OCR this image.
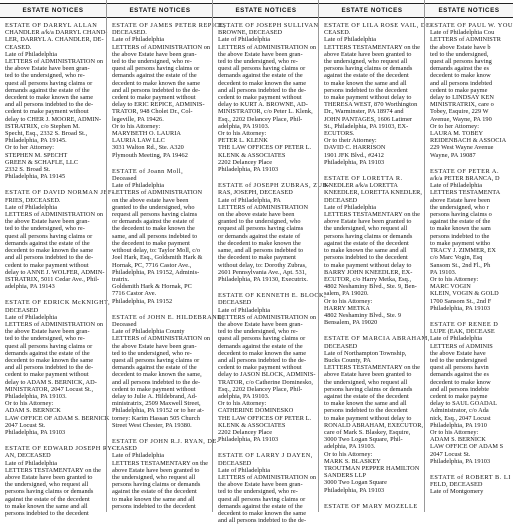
ESTATE NOTICES
ESTATE OF DARRYL ALLAN
CHANDLER a/k/a DARRYL CHAND-
LER, DARRYL A. CHANDLER, DE-
CEASED.
Late of Philadelphia
LETTERS of ADMINISTRATION on
the above Estate have been gran-
ted to the undersigned, who re-
quest all persons having claims or
demands against the estate of the
decedent to make known the same
and all persons indebted to the de-
cedent to make payment without
delay to CHER J. MOORE, ADMIN-
ISTRATRIX, c/o Stephen M.
Specht, Esq., 2332 S. Broad St.,
Philadelphia, PA 19145.
Or to her Attorney:
STEPHEN M. SPECHT
GREEN & SCHAFLE, LLC
2332 S. Broad St.
Philadelphia, PA 19145
ESTATE OF DAVID NORMAN JEF-
FRIES, DECEASED.
Late of Philadelphia
LETTERS of ADMINISTRATION on
the above Estate have been gran-
ted to the undersigned, who re-
quest all persons having claims or
demands against the estate of the
decedent to make known the same
and all persons indebted to the de-
cedent to make payment without
delay to ANNE J. WOLFER, ADMIN-
ISTRATRIX, 5011 Cedar Ave., Phil-
adelphia, PA 19143
ESTATE OF EDRICK McKNIGHT,
DECEASED
Late of Philadelphia
LETTERS of ADMINISTRATION on
the above Estate have been gran-
ted to the undersigned, who re-
quest all persons having claims or
demands against the estate of the
decedent to make known the same
and all persons indebted to the de-
cedent to make payment without
delay to ADAM S. BERNICK, AD-
MINISTRATOR, 2047 Locust St.,
Philadelphia, PA 19103.
Or to his Attorney:
ADAM S. BERNICK
LAW OFFICE OF ADAM S. BERNICK
2047 Locust St.
Philadelphia, PA 19103
ESTATE OF EDWARD JOSEPH RY-
AN, DECEASED
Late of Philadelphia
LETTERS TESTAMENTARY on the
above Estate have been granted to
the undersigned, who request all
persons having claims or demands
against the estate of the decedent
to make known the same and all
persons indebted to the decedent
ESTATE NOTICES
ESTATE OF JAMES PETER REPICE,
DECEASED.
Late of Philadelphia
LETTERS of ADMINISTRATION on
the above Estate have been gran-
ted to the undersigned, who re-
quest all persons having claims or
demands against the estate of the
decedent to make known the same
and all persons indebted to the de-
cedent to make payment without
delay to ERIC REPICE, ADMINIS-
TRATOR, 948 Cholet Dr., Col-
legeville, PA 19426.
Or to his Attorney:
MARYBETH O. LAURIA
LAURIA LAW LLC
3031 Walton Rd., Ste. A320
Plymouth Meeting, PA 19462
ESTATE of Joann Moll,
Deceased
Late of Philadelphia
LETTERS of ADMINISTRATION
on the above estate have been
granted to the undersigned, who
request all persons having claims
or demands against the estate of
the decedent to make known the
same, and all persons indebted to
the decedent to make payment
without delay, to: Taylor Moll, c/o
Joel Hark, Esq., Goldsmith Hark &
Hornak, PC, 7716 Castor Ave.,
Philadelphia, PA 19152, Adminis-
tratrix.
Goldsmith Hark & Hornak, PC
7716 Castor Ave.
Philadelphia, PA 19152
ESTATE of JOHN E. HILDEBRAND,
Deceased
Late of Philadelphia County
LETTERS of ADMINISTRATION on
the above Estate have been gran-
ted to the undersigned, who re-
quest all persons having claims or
demands against the estate of the
decedent to make known the same,
and all persons indebted to the de-
cedent to make payment without
delay to Julie A. Hildebrand, Ad-
ministratrix, 2509 Maxwell Street,
Philadelphia, PA 19152 or to her at-
torney: Karim Hassan 505 Church
Street West Chester, PA 19380.
ESTATE OF JOHN R.J. RYAN, DE-
CEASED
Late of Philadelphia
LETTERS TESTAMENTARY on the
above Estate have been granted to
the undersigned, who request all
persons having claims or demands
against the estate of the decedent
to make known the same and all
persons indebted to the decedent
ESTATE NOTICES
ESTATE OF JOSEPH SULLIVAN
BROWNE, DECEASED
Late of Philadelphia
LETTERS of ADMINISTRATION on
the above Estate have been gran-
ted to the undersigned, who re-
quest all persons having claims or
demands against the estate of the
decedent to make known the same
and all persons indebted to the de-
cedent to make payment without
delay to KURT A. BROWNE, AD-
MINISTRATOR, c/o Peter L. Klenk,
Esq., 2202 Delancey Place, Phil-
adelphia, PA 19103.
Or to his Attorney:
PETER L. KLENK
THE LAW OFFICES OF PETER L.
KLENK & ASSOCIATES
2202 Delancey Place
Philadelphia, PA 19103
ESTATE of JOSEPH ZUBRAS, ZUB-
RAS, JOSEPH, DECEASED
Late of Philadelphia, PA
LETTERS of ADMINISTRATION
on the above estate have been
granted to the undersigned, who
request all persons having claims
or demands against the estate of
the decedent to make known the
same, and all persons indebted to
the decedent to make payment
without delay, to: Dorothy Zubras,
2601 Pennsylvania Ave., Apt. 531,
Philadelphia, PA 19130, Executrix.
ESTATE OF KENNETH E. BLOCK,
DECEASED
Late of Philadelphia
LETTERS of ADMINISTRATION on
the above Estate have been gran-
ted to the undersigned, who re-
quest all persons having claims or
demands against the estate of the
decedent to make known the same
and all persons indebted to the de-
cedent to make payment without
delay to JASON BLOCK, ADMINIS-
TRATOR, c/o Catherine Dominesko,
Esq., 2202 Delancey Place, Phil-
adelphia, PA 19103.
Or to his Attorney:
CATHERINE DOMINESKO
THE LAW OFFICES OF PETER L.
KLENK & ASSOCIATES
2202 Delancey Place
Philadelphia, PA 19103
ESTATE OF LARRY J DAYEN,
DECEASED
Late of Philadelphia
LETTERS of ADMINISTRATION on
the above Estate have been gran-
ted to the undersigned, who re-
quest all persons having claims or
demands against the estate of the
decedent to make known the same
and all persons indebted to the de-
ESTATE NOTICES
ESTATE OF LILA ROSE VAIL, DE-
CEASED.
Late of Philadelphia
LETTERS TESTAMENTARY on the
above Estate have been granted to
the undersigned, who request all
persons having claims or demands
against the estate of the decedent
to make known the same and all
persons indebted to the decedent
to make payment without delay to
THERESA WEST, 870 Worthington
Dr., Warminster, PA 18974 and
JOHN PANTAGES, 1606 Latimer
St., Philadelphia, PA 19103, EX-
ECUTORS.
Or to their Attorney:
DAVID C. HARRISON
1901 JFK Blvd., #2412
Philadelphia, PA 19103
ESTATE OF LORETTA R.
KNEDLER a/k/a LORETTA
KNEEDLER, LORETTA KNEDLER,
DECEASED
Late of Philadelphia
LETTERS TESTAMENTARY on the
above Estate have been granted to
the undersigned, who request all
persons having claims or demands
against the estate of the decedent
to make known the same and all
persons indebted to the decedent
to make payment without delay to
BARRY JOHN KNEEDLER, EX-
ECUTOR, c/o Harry Metka, Esq.,
4802 Neshaminy Blvd., Ste. 9, Ben-
salem, PA 19020.
Or to his Attorney:
HARRY METKA
4802 Neshaminy Blvd., Ste. 9
Bensalem, PA 19020
ESTATE OF MARCIA ABRAHAM,
DECEASED
Late of Northampton Township,
Bucks County, PA
LETTERS TESTAMENTARY on the
above Estate have been granted to
the undersigned, who request all
persons having claims or demands
against the estate of the decedent
to make known the same and all
persons indebted to the decedent
to make payment without delay to
RONALD ABRAHAM, EXECUTOR,
care of Mark S. Blaskey, Esquire,
3000 Two Logan Square, Phil-
adelphia, PA 19103.
Or to his Attorney:
MARK S. BLASKEY
TROUTMAN PEPPER HAMILTON
SANDERS LLP
3000 Two Logan Square
Philadelphia, PA 19103
ESTATE OF MARY MOZELLE
ESTATE NOTICES
ESTATE OF PAUL W. YOU
Late of Philadelphia Cou
LETTERS of ADMINISTR
the above Estate have b
ted to the undersigned,
quest all persons having
demands against the es
decedent to make know
and all persons indebted
cedent to make payme
delay to LINDSAY KEN
MINISTRATRIX, care o
Tobey, Esquire, 229 W
Avenue, Wayne, PA 190
Or to her Attorney:
LAURA M. TOBEY
REIDENBACH & ASSOCIA
229 West Wayne Avenue
Wayne, PA 19087
ESTATE OF PETER A.
a/k/a PETER BRANCA, D
Late of Philadelphia
LETTERS TESTAMENTA
above Estate have been
the undersigned, who r
persons having claims o
against the estate of the
to make known the sam
persons indebted to the
to make payment witho
TRACY J. ZIMMER, EX
c/o Marc Vogin, Esq
Sansom St., 2nd Fl., Ph
PA 19103.
Or to his Attorney:
MARC VOGIN
KLEIN, VOGIN & GOLD
1700 Sansom St., 2nd F
Philadelphia, PA 19103
ESTATE OF RENEE D
LUPE (EAK, DECEASE
Late of Philadelphia
LETTERS of ADMINIS
the above Estate have
ted to the undersigned
quest all persons havin
demands against the es
decedent to make know
and all persons indebte
cedent to make payme
delay to SAUL GOADAL
Administrator, c/o Ada
nick, Esq., 2047 Locust
Philadelphia, PA 1910
Or to his Attorney:
ADAM S. BERNICK
LAW OFFICE OF ADAM S
2047 Locust St.
Philadelphia, PA 19103
ESTATE of ROBERT B. LI
FELD, DECEASED
Late of Montgomery
